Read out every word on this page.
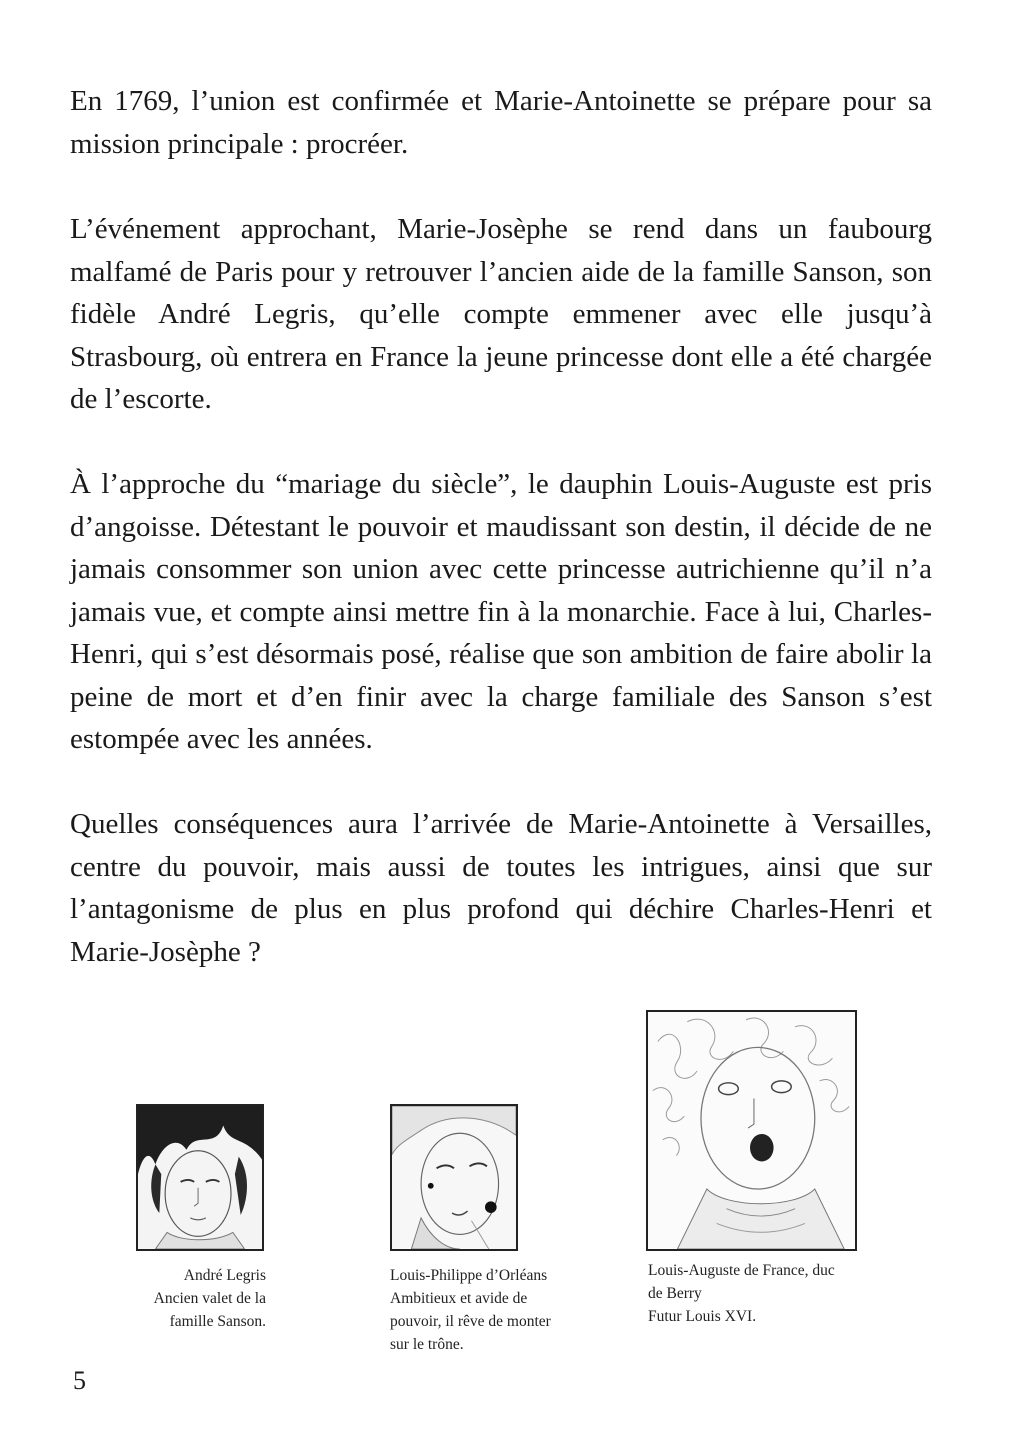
En 1769, l’union est confirmée et Marie-Antoinette se prépare pour sa mission principale : procréer.

L’événement approchant, Marie-Josèphe se rend dans un faubourg malfamé de Paris pour y retrouver l’ancien aide de la famille Sanson, son fidèle André Legris, qu’elle compte emmener avec elle jusqu’à Strasbourg, où entrera en France la jeune princesse dont elle a été chargée de l’escorte.

À l’approche du “mariage du siècle”, le dauphin Louis-Auguste est pris d’angoisse. Détestant le pouvoir et maudissant son destin, il décide de ne jamais consommer son union avec cette princesse autrichienne qu’il n’a jamais vue, et compte ainsi mettre fin à la monarchie. Face à lui, Charles-Henri, qui s’est désormais posé, réalise que son ambition de faire abolir la peine de mort et d’en finir avec la charge familiale des Sanson s’est estompée avec les années.

Quelles conséquences aura l’arrivée de Marie-Antoinette à Versailles, centre du pouvoir, mais aussi de toutes les intrigues, ainsi que sur l’antagonisme de plus en plus profond qui déchire Charles-Henri et Marie-Josèphe ?

André Legris
Ancien valet de la
famille Sanson.
Louis-Philippe d’Orléans
Ambitieux et avide de
pouvoir, il rêve de monter
sur le trône.
Louis-Auguste de France, duc
de Berry
Futur Louis XVI.
5
